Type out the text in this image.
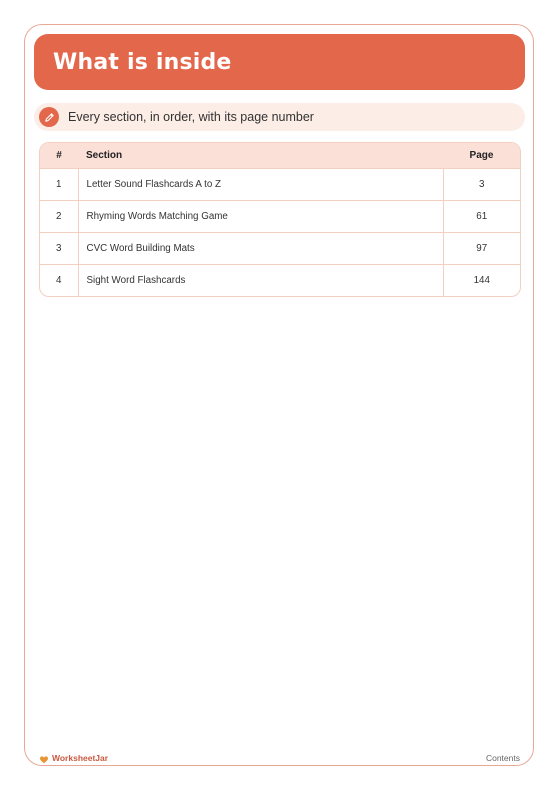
What is inside
Every section, in order, with its page number
#	Section	Page
1	Letter Sound Flashcards A to Z	3
2	Rhyming Words Matching Game	61
3	CVC Word Building Mats	97
4	Sight Word Flashcards	144
WorksheetJar	Contents
